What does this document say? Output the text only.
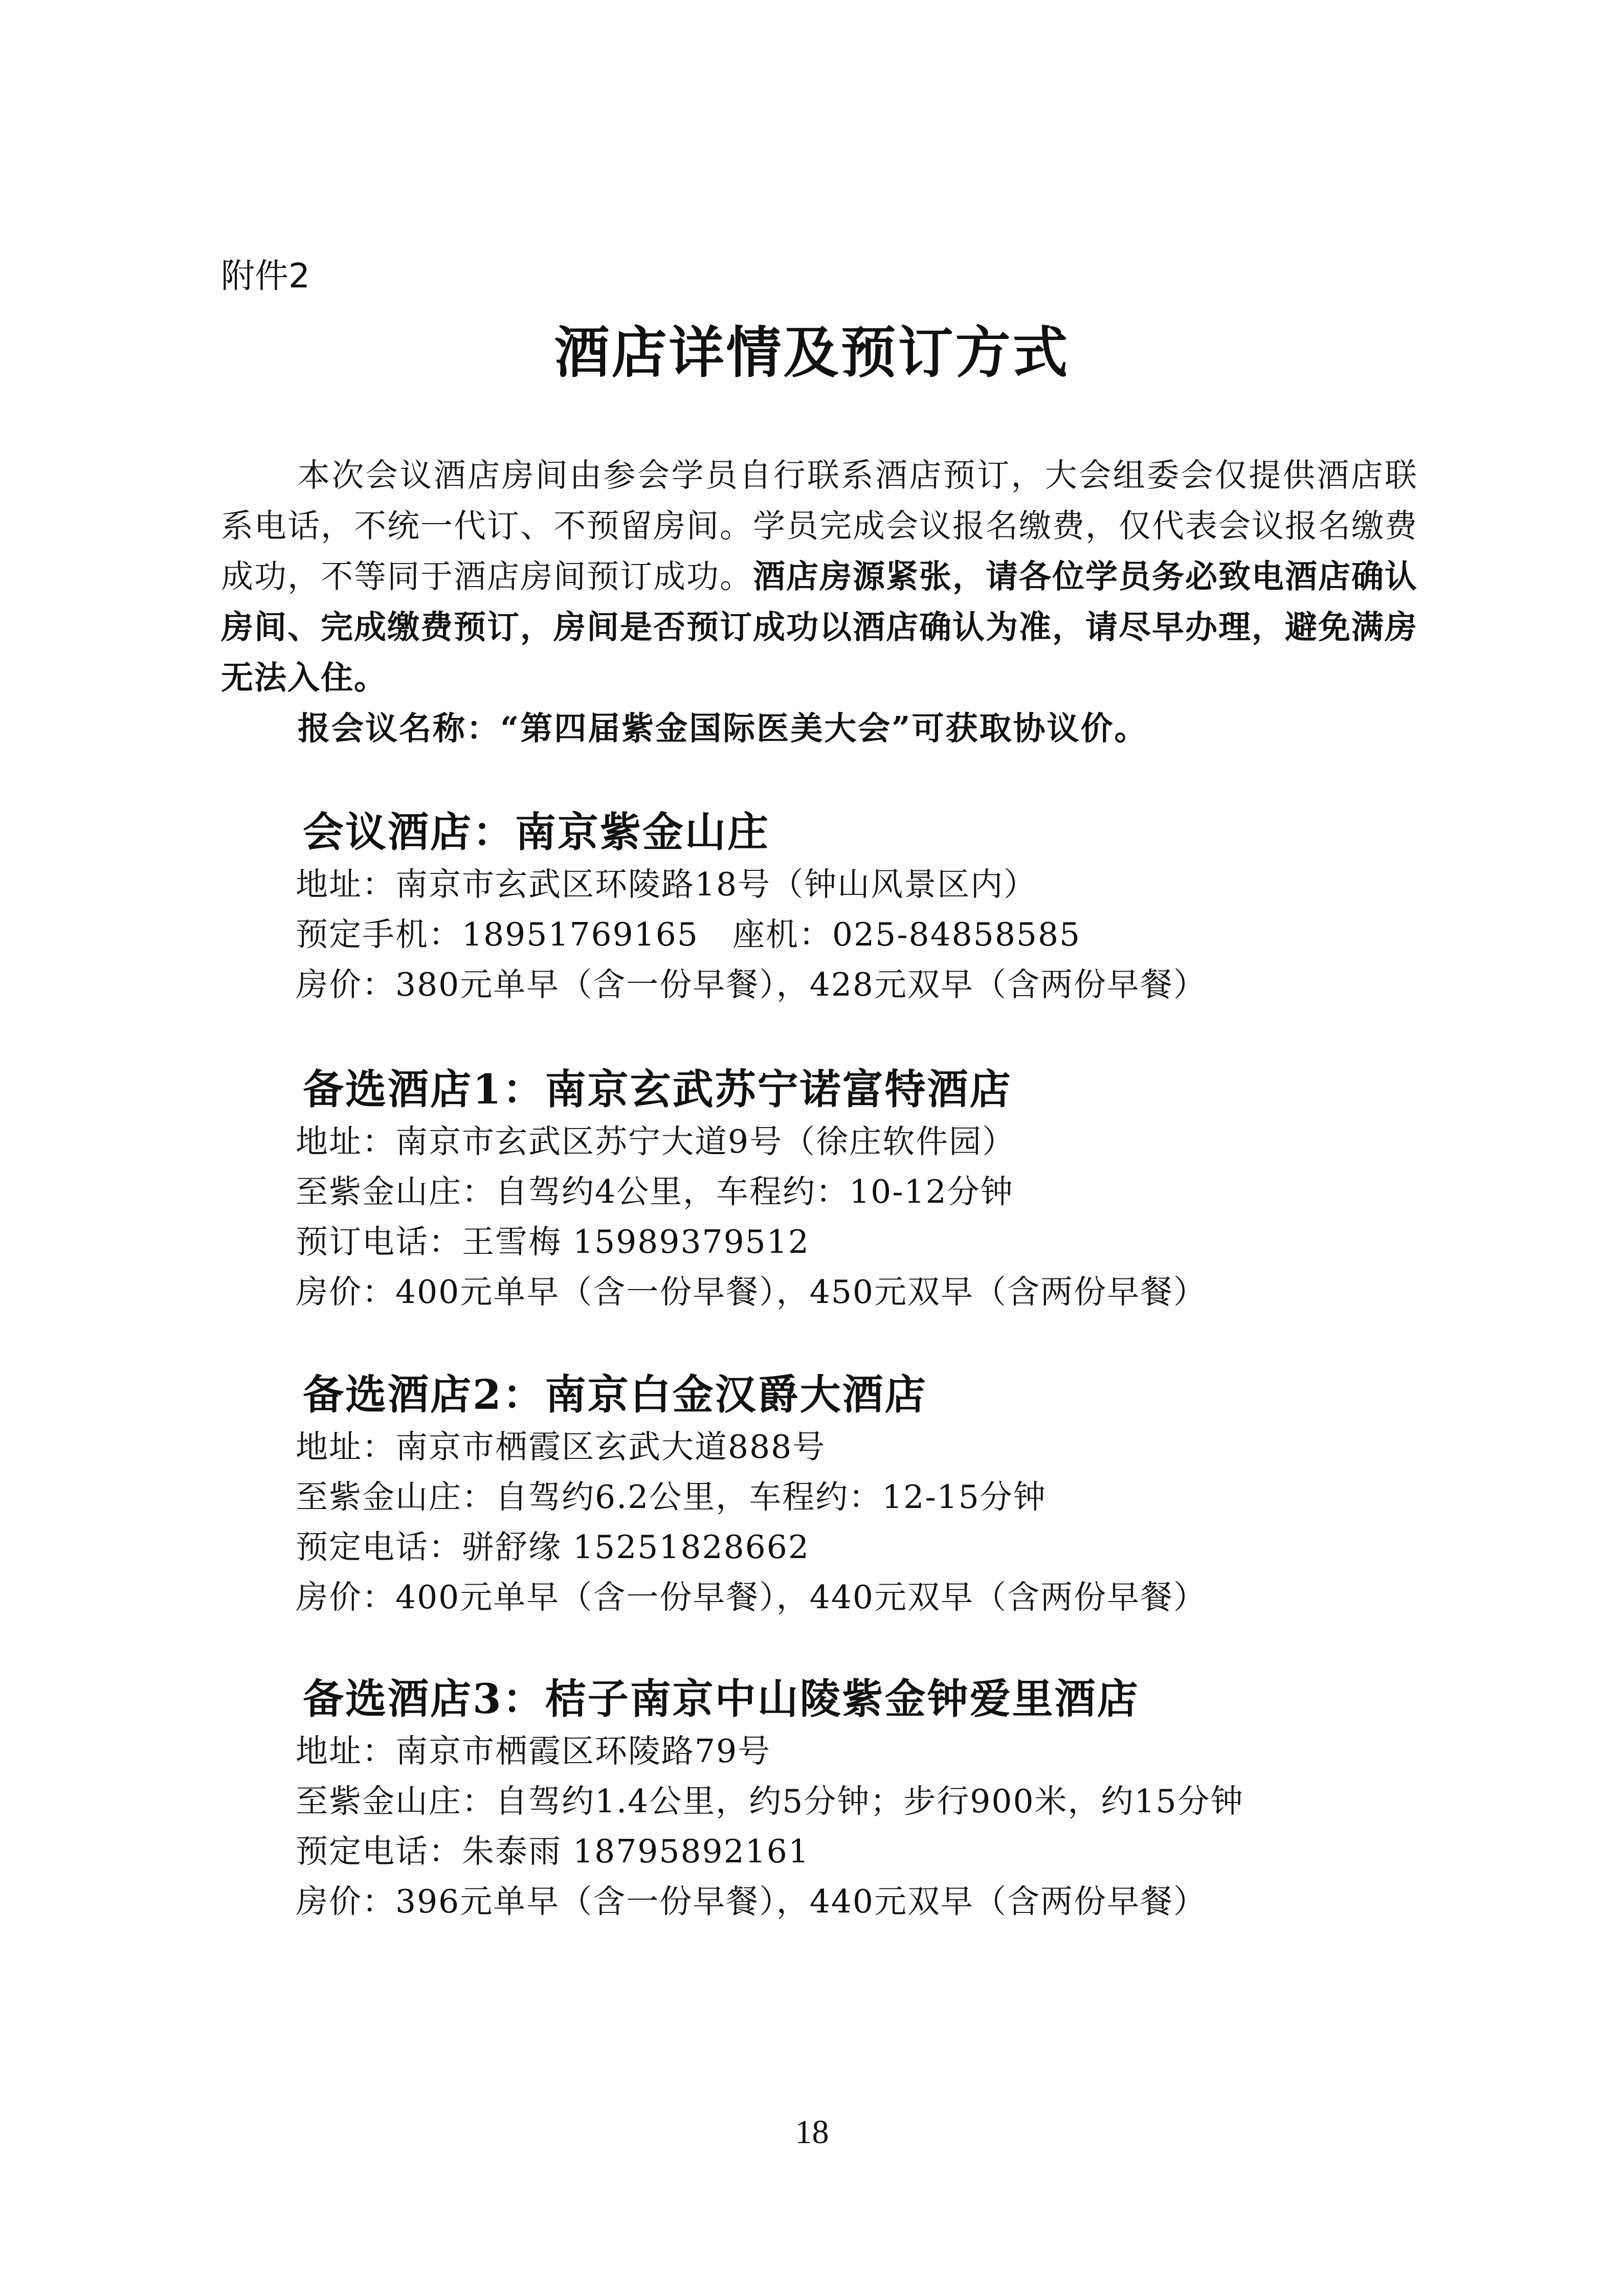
附件2
酒店详情及预订方式

本次会议酒店房间由参会学员自行联系酒店预订，大会组委会仅提供酒店联系电话，不统一代订、不预留房间。学员完成会议报名缴费，仅代表会议报名缴费成功，不等同于酒店房间预订成功。酒店房源紧张，请各位学员务必致电酒店确认房间、完成缴费预订，房间是否预订成功以酒店确认为准，请尽早办理，避免满房无法入住。

报会议名称：“第四届紫金国际医美大会”可获取协议价。

会议酒店：南京紫金山庄

地址：南京市玄武区环陵路18号（钟山风景区内）

预定手机：18951769165   座机：025-84858585

房价：380元单早（含一份早餐），428元双早（含两份早餐）

备选酒店1：南京玄武苏宁诺富特酒店

地址：南京市玄武区苏宁大道9号（徐庄软件园）

至紫金山庄：自驾约4公里，车程约：10-12分钟

预订电话：王雪梅 15989379512

房价：400元单早（含一份早餐），450元双早（含两份早餐）

备选酒店2：南京白金汉爵大酒店

地址：南京市栖霞区玄武大道888号

至紫金山庄：自驾约6.2公里，车程约：12-15分钟

预定电话：骈舒缘 15251828662

房价：400元单早（含一份早餐），440元双早（含两份早餐）

备选酒店3：桔子南京中山陵紫金钟爱里酒店

地址：南京市栖霞区环陵路79号

至紫金山庄：自驾约1.4公里，约5分钟；步行900米，约15分钟

预定电话：朱泰雨 18795892161

房价：396元单早（含一份早餐），440元双早（含两份早餐）

18
